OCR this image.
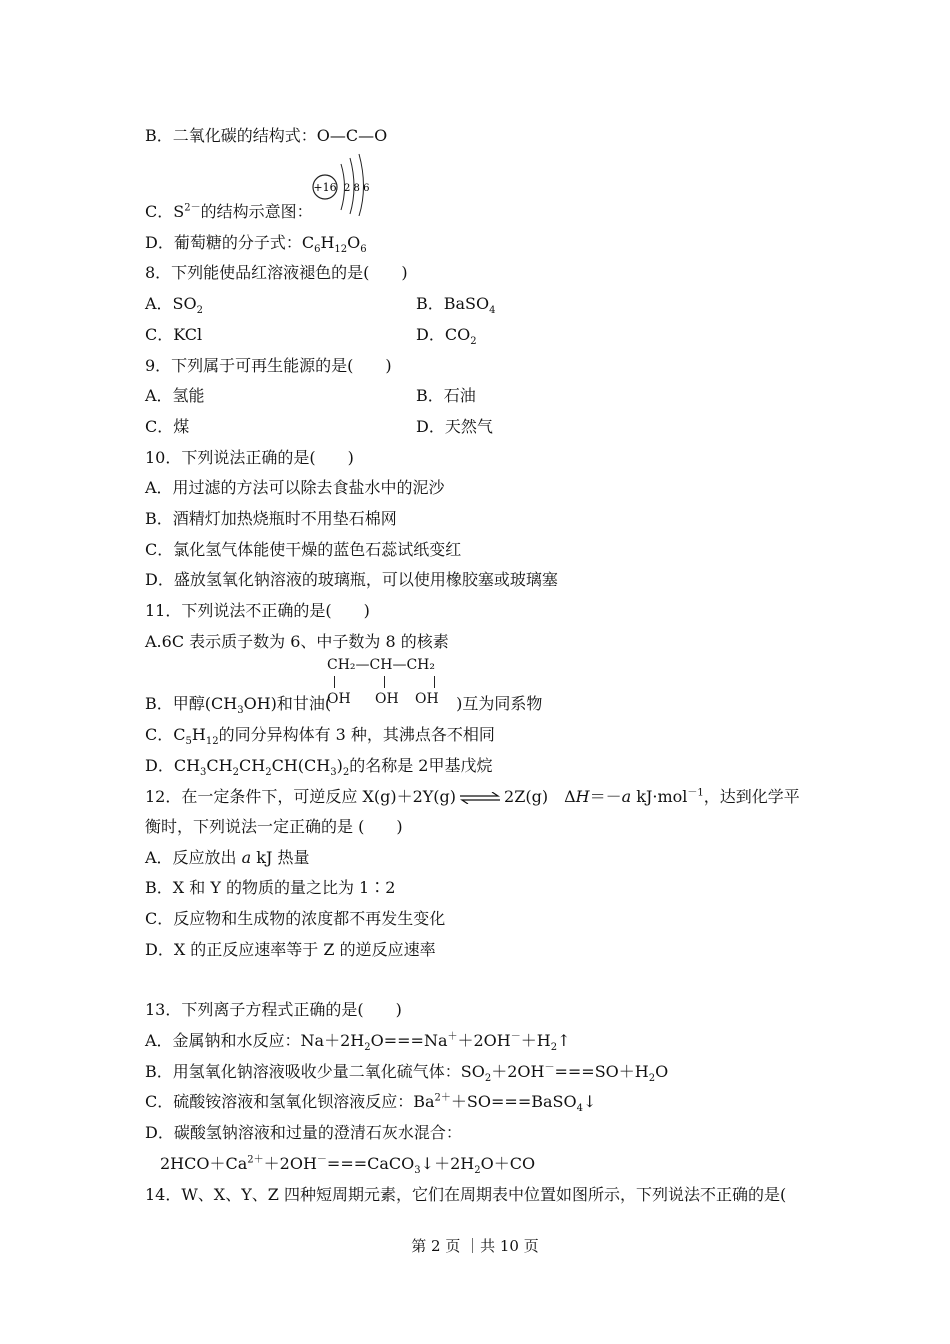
B．二氧化碳的结构式：O—C—O
+16 2 8 6
C．$S^{2-}$的结构示意图：
D．葡萄糖的分子式：$C_6H_{12}O_6$
8．下列能使品红溶液褪色的是(　　)
A．$SO_2$	B．BaSO$_4$
C．KCl	D．$CO_2$
9．下列属于可再生能源的是(　　)
A．氢能	B．石油
C．煤	D．天然气
10．下列说法正确的是(　　)
A．用过滤的方法可以除去食盐水中的泥沙
B．酒精灯加热烧瓶时不用垫石棉网
C．氯化氢气体能使干燥的蓝色石蕊试纸变红
D．盛放氢氧化钠溶液的玻璃瓶，可以使用橡胶塞或玻璃塞
11．下列说法不正确的是(　　)
A.6C 表示质子数为 6、中子数为 8 的核素
CH₂—CH—CH₂
OH OH OH
B．甲醇$(CH_3OH)$和甘油(	)互为同系物
C．$C_5H_{12}$的同分异构体有 3 种，其沸点各不相同
D．$CH_3CH_2CH_2CH(CH_3)_2$的名称是 2甲基戊烷
12．在一定条件下，可逆反应 X(g)＋2Y(g) ⇌ 2Z(g)　ΔH＝－a kJ·mol$^{-1}$，达到化学平
衡时，下列说法一定正确的是 (　　)
A．反应放出 a kJ 热量
B．X 和 Y 的物质的量之比为 1∶2
C．反应物和生成物的浓度都不再发生变化
D．X 的正反应速率等于 Z 的逆反应速率
13．下列离子方程式正确的是(　　)
A．金属钠和水反应：$Na+2H_2O===Na^++2OH^-+H_2↑$
B．用氢氧化钠溶液吸收少量二氧化硫气体：$SO_2+2OH^-===SO+H_2O$
C．硫酸铵溶液和氢氧化钡溶液反应：$Ba^{2+}+SO===BaSO_4↓$
D．碳酸氢钠溶液和过量的澄清石灰水混合：
$2HCO+Ca^{2+}+2OH^-===CaCO_3↓+2H_2O+CO$
14．W、X、Y、Z 四种短周期元素，它们在周期表中位置如图所示，下列说法不正确的是(
第 2 页 ｜共 10 页
